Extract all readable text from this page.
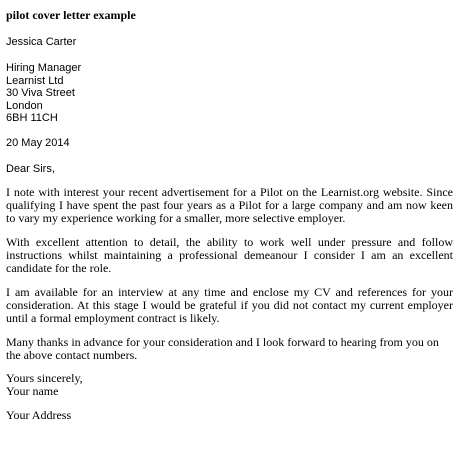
pilot cover letter example
Jessica Carter
Hiring Manager
Learnist Ltd
30 Viva Street
London
6BH 11CH
20 May 2014
Dear Sirs,
I note with interest your recent advertisement for a Pilot on the Learnist.org website. Since qualifying I have spent the past four years as a Pilot for a large company and am now keen to vary my experience working for a smaller, more selective employer.
With excellent attention to detail, the ability to work well under pressure and follow instructions whilst maintaining a professional demeanour I consider I am an excellent candidate for the role.
I am available for an interview at any time and enclose my CV and references for your consideration. At this stage I would be grateful if you did not contact my current employer until a formal employment contract is likely.
Many thanks in advance for your consideration and I look forward to hearing from you on the above contact numbers.
Yours sincerely,
Your name
Your Address
